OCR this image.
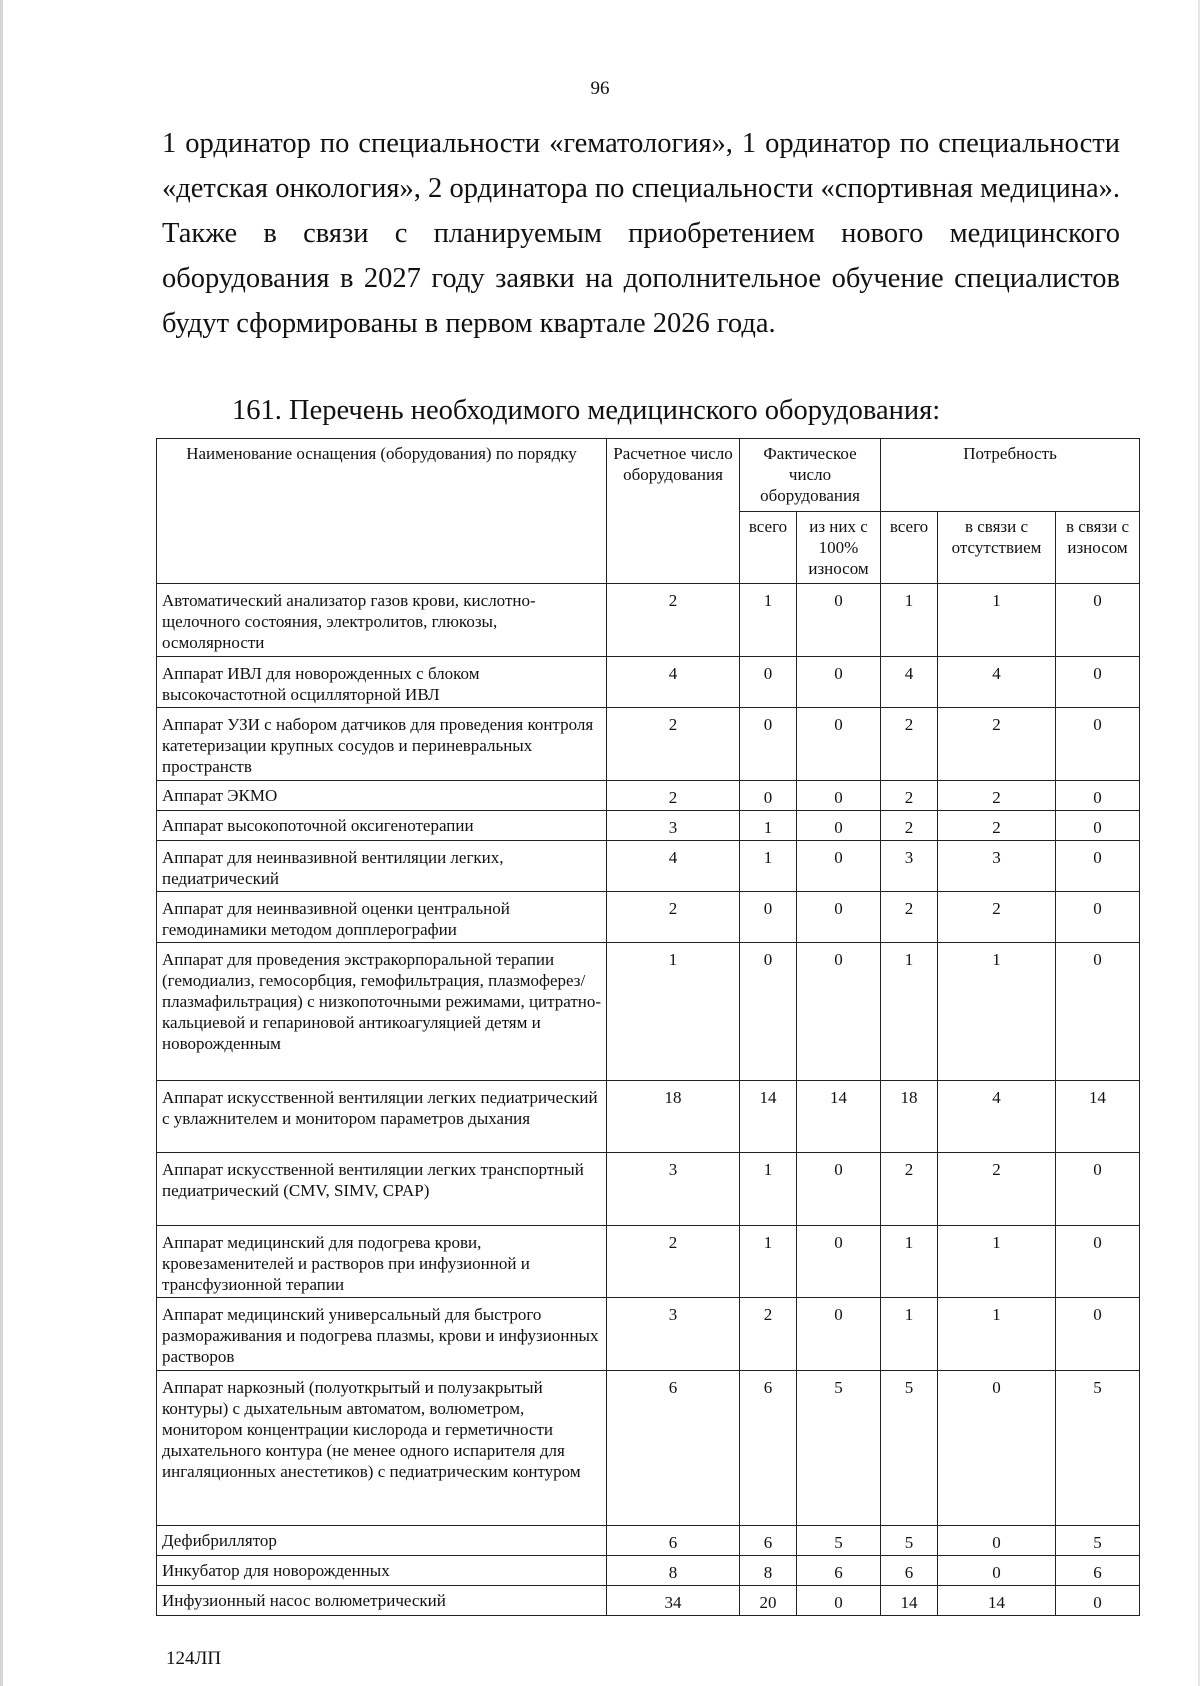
96

1 ординатор по специальности «гематология», 1 ординатор по специальности «детская онкология», 2 ординатора по специальности «спортивная медицина». Также в связи с планируемым приобретением нового медицинского оборудования в 2027 году заявки на дополнительное обучение специалистов будут сформированы в первом квартале 2026 года.

161. Перечень необходимого медицинского оборудования:
Наименование оснащения (оборудования) по порядку	Расчетное число оборудования	Фактическое число оборудования		Потребность		
		всего	из них с 100% износом	всего	в связи с отсутствием	в связи с износом
Автоматический анализатор газов крови, кислотно-щелочного состояния, электролитов, глюкозы, осмолярности	2	1	0	1	1	0
Аппарат ИВЛ для новорожденных с блоком высокочастотной осцилляторной ИВЛ	4	0	0	4	4	0
Аппарат УЗИ с набором датчиков для проведения контроля катетеризации крупных сосудов и периневральных пространств	2	0	0	2	2	0
Аппарат ЭКМО	2	0	0	2	2	0
Аппарат высокопоточной оксигенотерапии	3	1	0	2	2	0
Аппарат для неинвазивной вентиляции легких, педиатрический	4	1	0	3	3	0
Аппарат для неинвазивной оценки центральной гемодинамики методом допплерографии	2	0	0	2	2	0
Аппарат для проведения экстракорпоральной терапии (гемодиализ, гемосорбция, гемофильтрация, плазмоферез/плазмафильтрация) с низкопоточными режимами, цитратно-кальциевой и гепариновой антикоагуляцией детям и новорожденным	1	0	0	1	1	0
Аппарат искусственной вентиляции легких педиатрический с увлажнителем и монитором параметров дыхания	18	14	14	18	4	14
Аппарат искусственной вентиляции легких транспортный педиатрический (CMV, SIMV, CPAP)	3	1	0	2	2	0
Аппарат медицинский для подогрева крови, кровезаменителей и растворов при инфузионной и трансфузионной терапии	2	1	0	1	1	0
Аппарат медицинский универсальный для быстрого размораживания и подогрева плазмы, крови и инфузионных растворов	3	2	0	1	1	0
Аппарат наркозный (полуоткрытый и полузакрытый контуры) с дыхательным автоматом, волюметром, монитором концентрации кислорода и герметичности дыхательного контура (не менее одного испарителя для ингаляционных анестетиков) с педиатрическим контуром	6	6	5	5	0	5
Дефибриллятор	6	6	5	5	0	5
Инкубатор для новорожденных	8	8	6	6	0	6
Инфузионный насос волюметрический	34	20	0	14	14	0
124ЛП
